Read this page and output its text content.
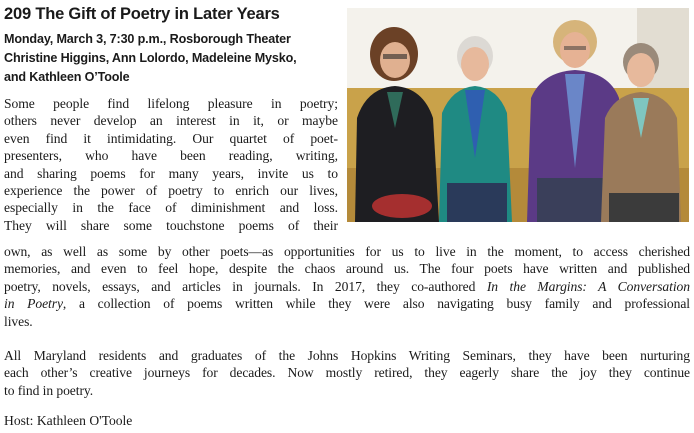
209 The Gift of Poetry in Later Years
Monday, March 3, 7:30 p.m., Rosborough Theater
Christine Higgins, Ann Lolordo, Madeleine Mysko,
and Kathleen O’Toole
Some people find lifelong pleasure in poetry;
others never develop an interest in it, or maybe
even find it intimidating. Our quartet of poet-
presenters, who have been reading, writing,
and sharing poems for many years, invite us to
experience the power of poetry to enrich our lives,
especially in the face of diminishment and loss.
They will share some touchstone poems of their
own, as well as some by other poets—as opportunities for us to live in the moment, to access cherished
memories, and even to feel hope, despite the chaos around us. The four poets have written and published
poetry, novels, essays, and articles in journals. In 2017, they co-authored In the Margins: A Conversation
in Poetry, a collection of poems written while they were also navigating busy family and professional
lives.
All Maryland residents and graduates of the Johns Hopkins Writing Seminars, they have been nurturing
each other’s creative journeys for decades. Now mostly retired, they eagerly share the joy they continue
to find in poetry.
Host: Kathleen O'Toole
